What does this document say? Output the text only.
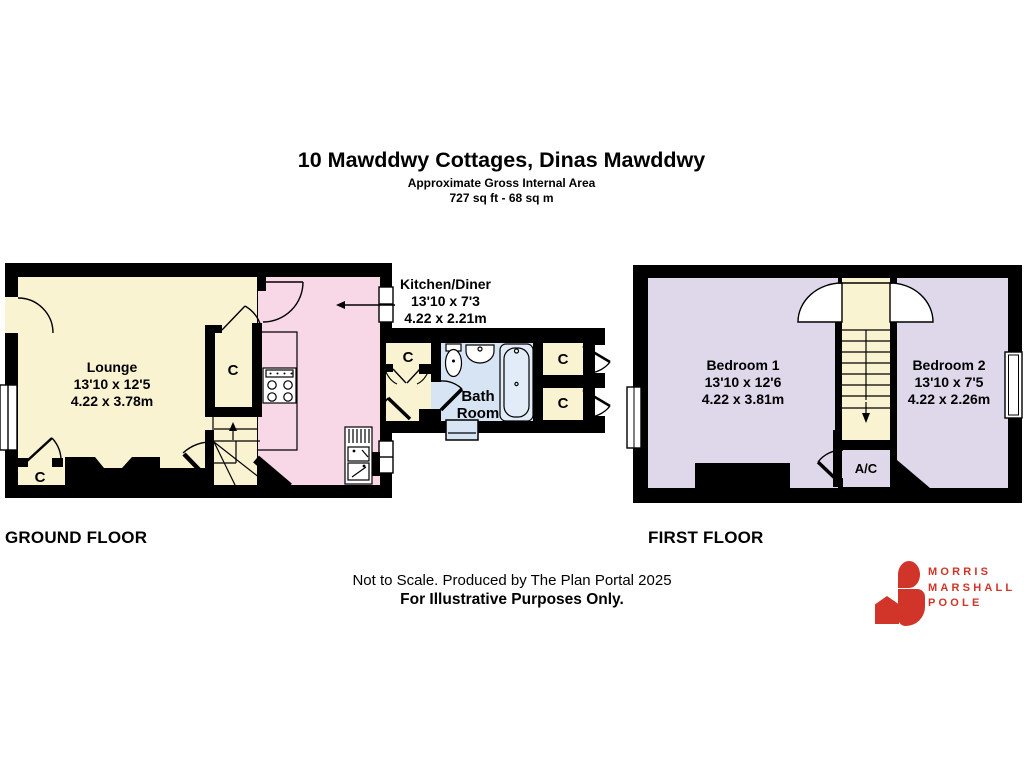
10 Mawddwy Cottages, Dinas Mawddwy
Approximate Gross Internal Area
727 sq ft - 68 sq m
Lounge
13'10 x 12'5
4.22 x 3.78m
Kitchen/Diner
13'10 x 7'3
4.22 x 2.21m
Bath
Room
Bedroom 1
13'10 x 12'6
4.22 x 3.81m
Bedroom 2
13'10 x 7'5
4.22 x 2.26m
C
C
C	C
C
A/C
GROUND FLOOR	FIRST FLOOR
Not to Scale. Produced by The Plan Portal 2025
For Illustrative Purposes Only.
MORRIS
MARSHALL
POOLE
